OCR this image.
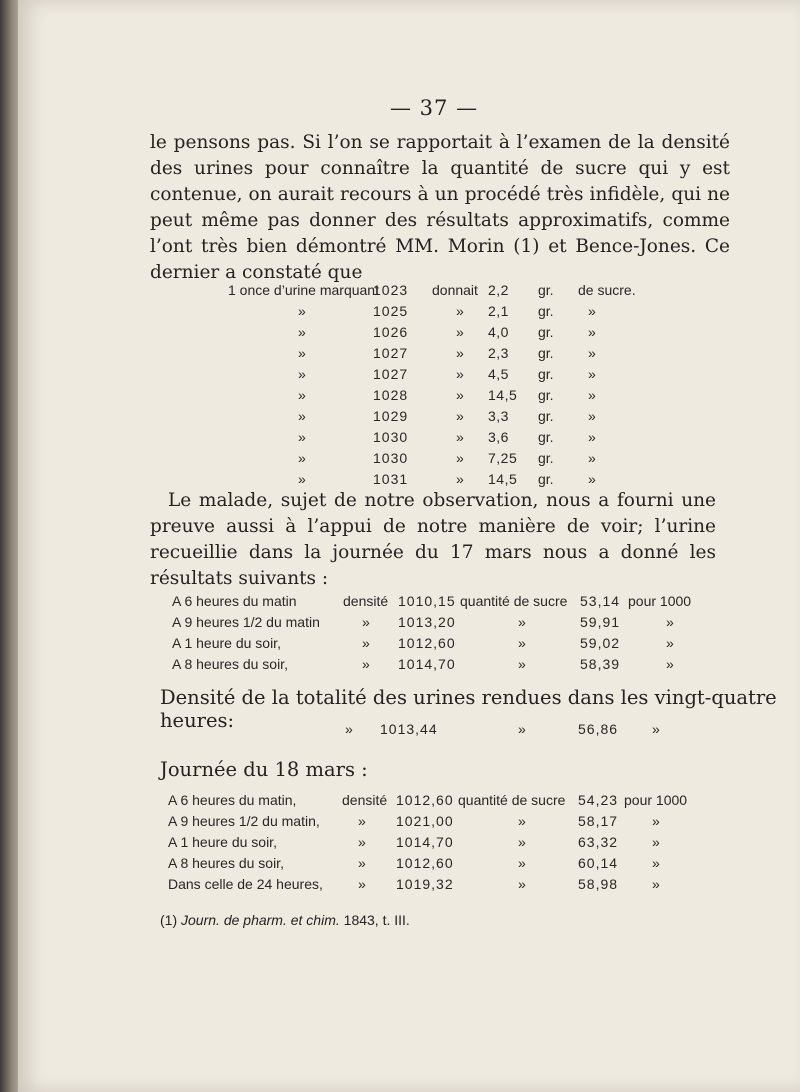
— 37 —

le pensons pas. Si l’on se rapportait à l’examen de la densité des urines pour connaître la quantité de sucre qui y est contenue, on aurait recours à un procédé très infidèle, qui ne peut même pas donner des résultats approximatifs, comme l’ont très bien démontré MM. Morin (1) et Bence-Jones. Ce dernier a constaté que

1 once d’urine marquant
1023 donnait 2,2 gr. de sucre.
»	1025	» 2,1 gr. »
»	1026	» 4,0 gr. »
»	1027	» 2,3 gr. »
»	1027	» 4,5 gr. »
»	1028	» 14,5 gr. »
»	1029	» 3,3 gr. »
»	1030	» 3,6 gr. »
»	1030	» 7,25 gr. »
»	1031	» 14,5 gr. »

Le malade, sujet de notre observation, nous a fourni une preuve aussi à l’appui de notre manière de voir; l’urine recueillie dans la journée du 17 mars nous a donné les résultats suivants :

A 6 heures du matin	densité 1010,15 quantité de sucre 53,14 pour 1000
A 9 heures 1/2 du matin	» 1013,20	»	59,91	»
A 1 heure du soir,	» 1012,60	»	59,02	»
A 8 heures du soir,	» 1014,70	»	58,39	»

Densité de la totalité des urines rendues dans les vingt-quatre heures:	» 1013,44	»	56,86 »

Journée du 18 mars :

A 6 heures du matin,	densité 1012,60 quantité de sucre 54,23 pour 1000
A 9 heures 1/2 du matin,	» 1021,00	»	58,17 »
A 1 heure du soir,	» 1014,70	»	63,32 »
A 8 heures du soir,	» 1012,60	»	60,14 »
Dans celle de 24 heures,	» 1019,32	»	58,98 »
(1) Journ. de pharm. et chim. 1843, t. III.
